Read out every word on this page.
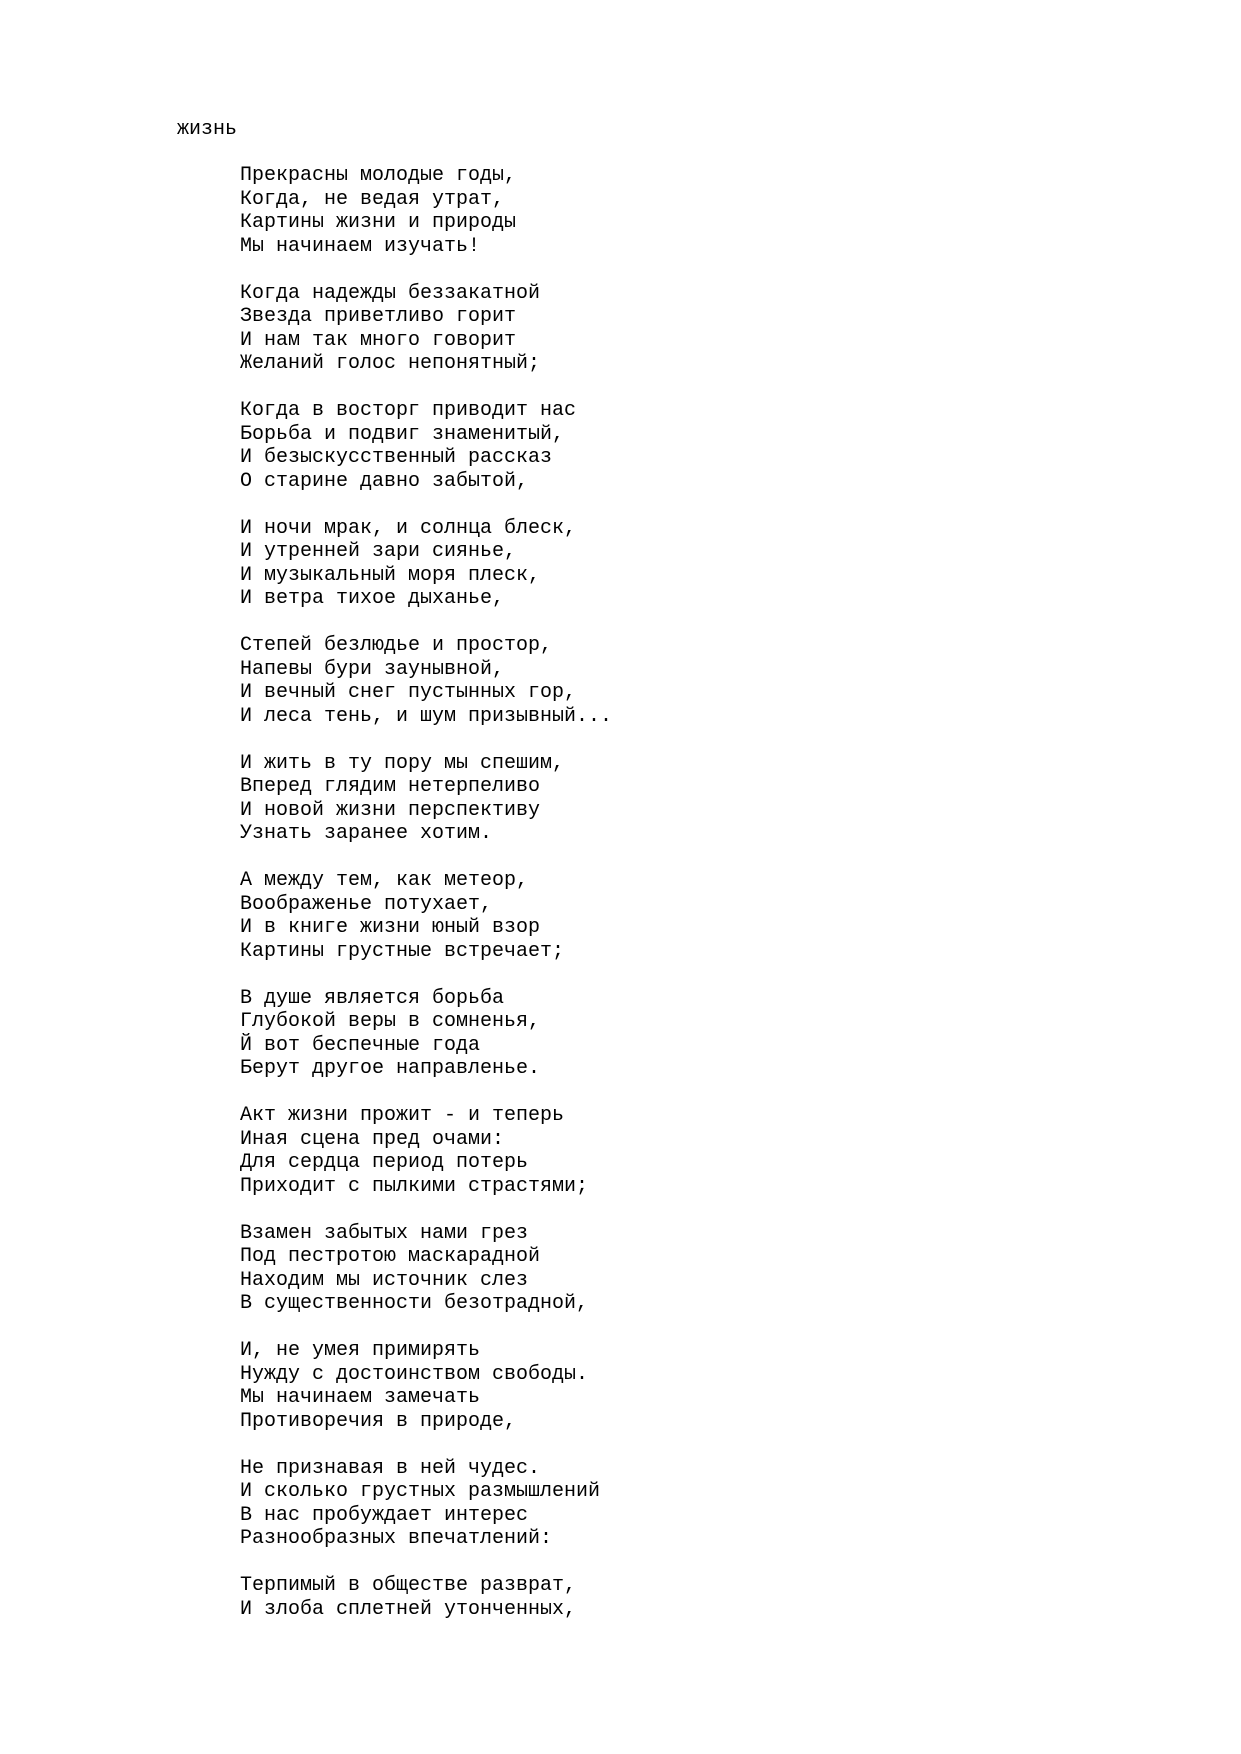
жизнь
Прекрасны молодые годы,
Когда, не ведая утрат,
Картины жизни и природы
Мы начинаем изучать!
Когда надежды беззакатной
Звезда приветливо горит
И нам так много говорит
Желаний голос непонятный;
Когда в восторг приводит нас
Борьба и подвиг знаменитый,
И безыскусственный рассказ
О старине давно забытой,
И ночи мрак, и солнца блеск,
И утренней зари сиянье,
И музыкальный моря плеск,
И ветра тихое дыханье,
Степей безлюдье и простор,
Напевы бури заунывной,
И вечный снег пустынных гор,
И леса тень, и шум призывный...
И жить в ту пору мы спешим,
Вперед глядим нетерпеливо
И новой жизни перспективу
Узнать заранее хотим.
А между тем, как метеор,
Воображенье потухает,
И в книге жизни юный взор
Картины грустные встречает;
В душе является борьба
Глубокой веры в сомненья,
Й вот беспечные года
Берут другое направленье.
Акт жизни прожит - и теперь
Иная сцена пред очами:
Для сердца период потерь
Приходит с пылкими страстями;
Взамен забытых нами грез
Под пестротою маскарадной
Находим мы источник слез
В существенности безотрадной,
И, не умея примирять
Нужду с достоинством свободы.
Мы начинаем замечать
Противоречия в природе,
Не признавая в ней чудес.
И сколько грустных размышлений
В нас пробуждает интерес
Разнообразных впечатлений:
Терпимый в обществе разврат,
И злоба сплетней утонченных,
